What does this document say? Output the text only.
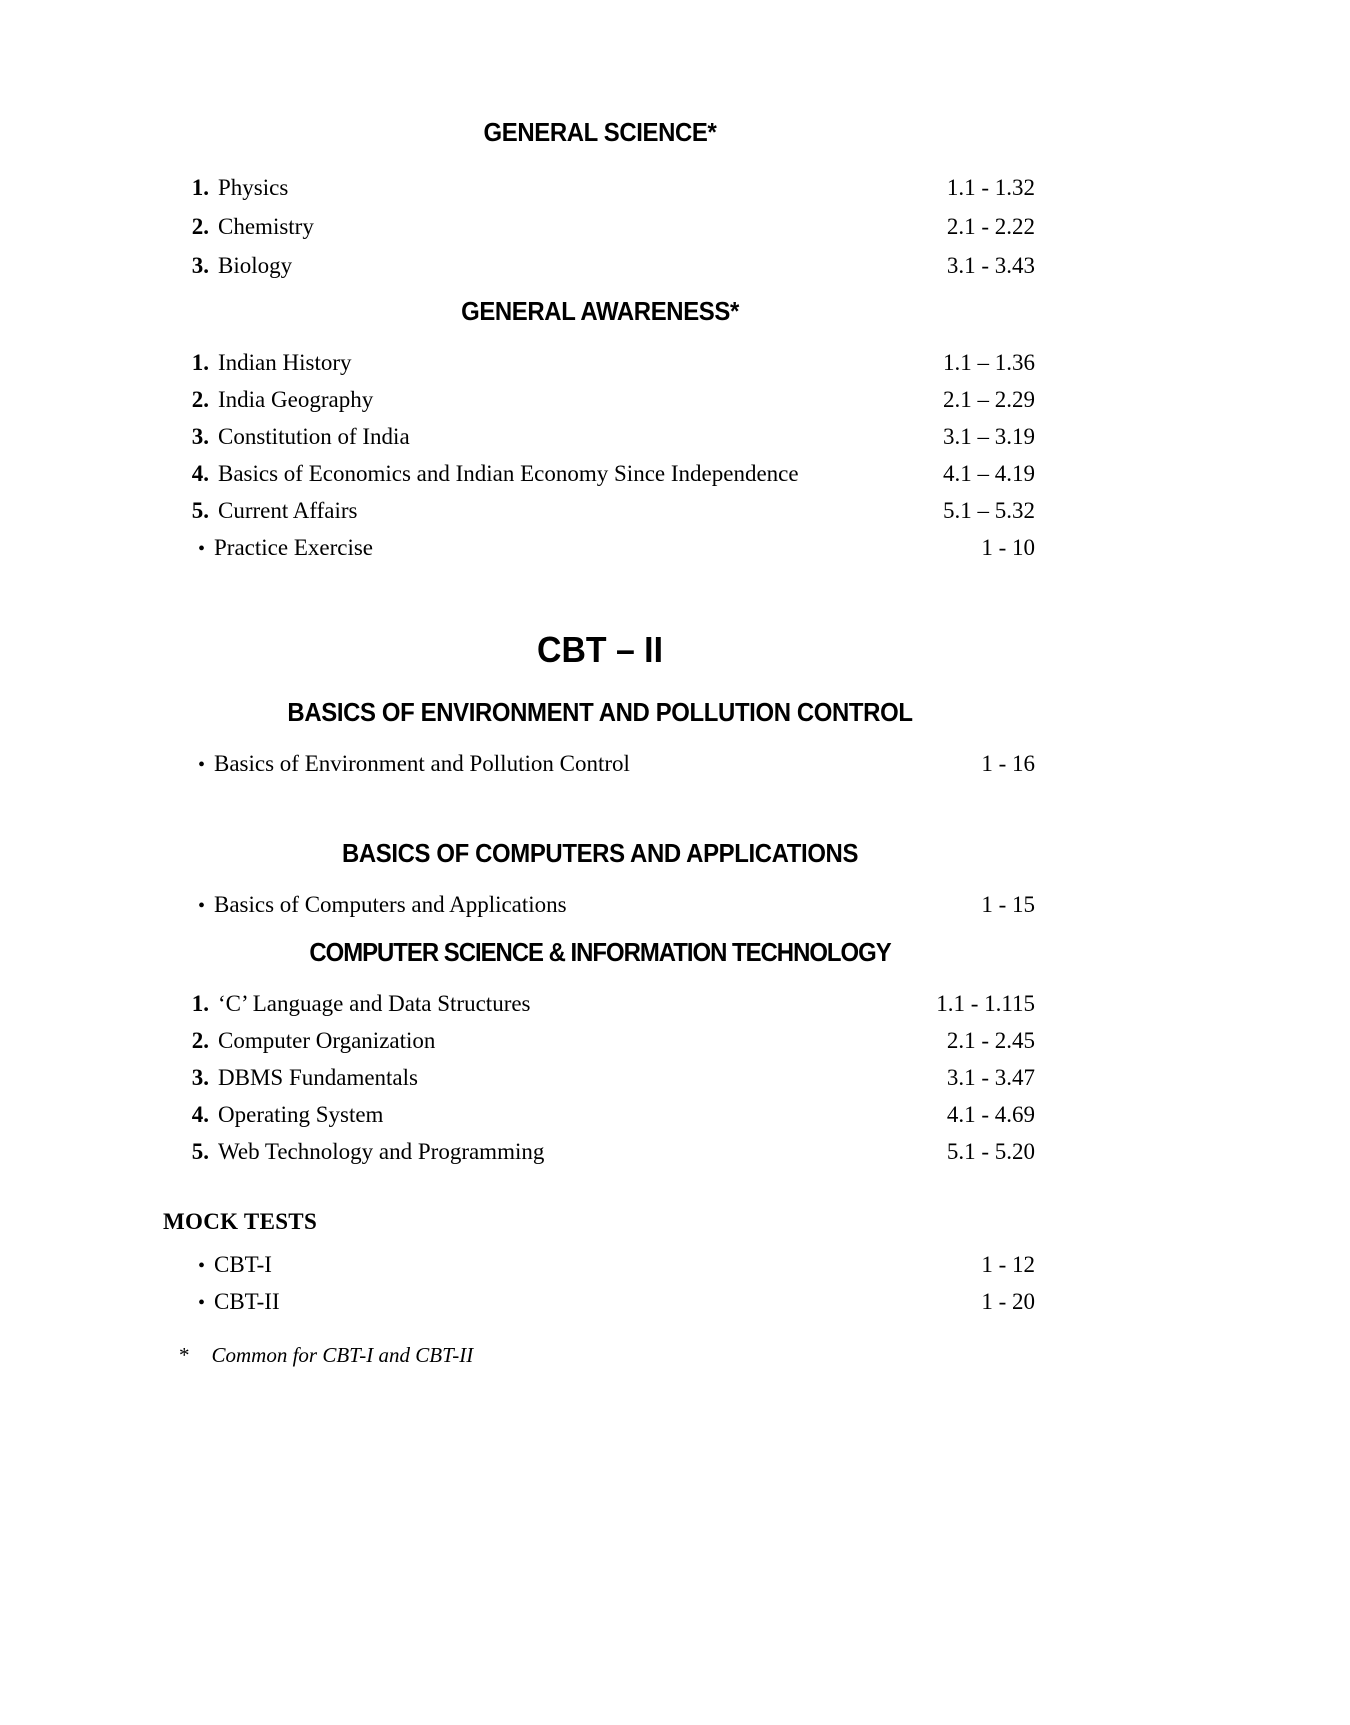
GENERAL SCIENCE*
1. Physics	1.1 - 1.32
2. Chemistry	2.1 - 2.22
3. Biology	3.1 - 3.43
GENERAL AWARENESS*
1. Indian History	1.1 – 1.36
2. India Geography	2.1 – 2.29
3. Constitution of India	3.1 – 3.19
4. Basics of Economics and Indian Economy Since Independence	4.1 – 4.19
5. Current Affairs	5.1 – 5.32
• Practice Exercise	1 - 10
CBT – II
BASICS OF ENVIRONMENT AND POLLUTION CONTROL
• Basics of Environment and Pollution Control	1 - 16
BASICS OF COMPUTERS AND APPLICATIONS
• Basics of Computers and Applications	1 - 15
COMPUTER SCIENCE & INFORMATION TECHNOLOGY
1. ‘C’ Language and Data Structures	1.1 - 1.115
2. Computer Organization	2.1 - 2.45
3. DBMS Fundamentals	3.1 - 3.47
4. Operating System	4.1 - 4.69
5. Web Technology and Programming	5.1 - 5.20
MOCK TESTS
• CBT-I	1 - 12
• CBT-II	1 - 20
* Common for CBT-I and CBT-II
